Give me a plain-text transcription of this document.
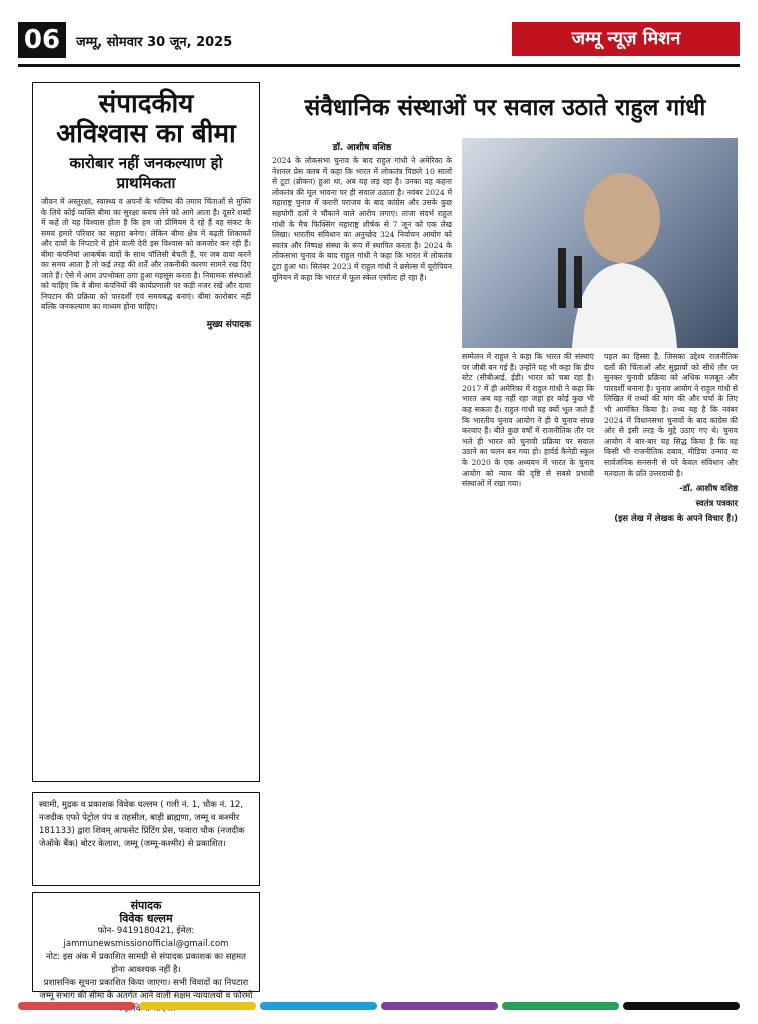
06	जम्मू, सोमवार 30 जून, 2025	जम्मू न्यूज़ मिशन
संपादकीय
अविश्वास का बीमा
कारोबार नहीं जनकल्याण हो प्राथमिकता
जीवन में अस्तुरक्षा, स्वास्थ्य व अपनों के भविष्य की तमाम चिंताओं से मुक्ति के लिये कोई व्यक्ति बीमा का सुरक्षा कवच लेने को आगे आता है। दूसरे शब्दों में कहें तो यह विश्वास होता है कि हम जो प्रीमियम दे रहे हैं वह संकट के समय हमारे परिवार का सहारा बनेगा। लेकिन बीमा क्षेत्र में बढ़ती शिकायतें और दावों के निपटारे में होने वाली देरी इस विश्वास को कमजोर कर रही हैं। बीमा कंपनियां आकर्षक वादों के साथ पॉलिसी बेचती हैं, पर जब दावा करने का समय आता है तो कई तरह की शर्तें और तकनीकी कारण सामने रख दिए जाते हैं। ऐसे में आम उपभोक्ता ठगा हुआ महसूस करता है। नियामक संस्थाओं को चाहिए कि वे बीमा कंपनियों की कार्यप्रणाली पर कड़ी नजर रखें और दावा निपटान की प्रक्रिया को पारदर्शी एवं समयबद्ध बनाएं। बीमा कारोबार नहीं बल्कि जनकल्याण का माध्यम होना चाहिए।
मुख्य संपादक
स्वामी, मुद्रक व प्रकाशक विवेक धल्लम ( गली नं. 1, चौक नं. 12, नजदीक एफो पेट्रोल पंप व तहसील, बाड़ी ब्राह्मणा, जम्मू व कश्मीर 181133) द्वारा शिवम् आफसेट प्रिंटिंग प्रेस, फवारा चौक (नजदीक जेऑके बैंक) बोटर केलाश, जम्मू (जम्मू-कश्मीर) से प्रकाशित।
संपादक
विवेक धल्लम
फोन- 9419180421, ईमेल: jammunewsmissionofficial@gmail.com
नोट: इस अंक में प्रकाशित सामग्री से संपादक प्रकाशक का सहमत होना आवश्यक नहीं है।
प्रशासनिक सूचना प्रकाशित किया जाएगा। सभी विवादों का निपटारा जम्मू संभाग की सीमा के अंतर्गत आने वाली सक्षम न्यायालयों व फोरमों
संवैधानिक संस्थाओं पर सवाल उठाते राहुल गांधी
डॉ. आशीष वशिष्ठ
2024 के लोकसभा चुनाव के बाद राहुल गांधी ने अमेरिका के नेशनल प्रेस क्लब में कहा कि भारत में लोकतंत्र पिछले 10 सालों से टूटा (ब्रोकन) हुआ था, अब यह लड़ रहा है। उनका यह कहना लोकतंत्र की मूल भावना पर ही सवाल उठाता है। नवंबर 2024 में महाराष्ट्र चुनाव में करारी पराजय के बाद कांग्रेस और उसके कुछ सहयोगी दलों ने चौंकाने वाले आरोप लगाए। ताजा संदर्भ राहुल गांधी के मैच फिक्सिंग महाराष्ट्र शीर्षक से 7 जून को एक लेख लिखा। भारतीय संविधान का अनुच्छेद 324 निर्वाचन आयोग को स्वतंत्र और निष्पक्ष संस्था के रूप में स्थापित करता है। 2024 के लोकसभा चुनाव के बाद राहुल गांधी ने कहा कि भारत में लोकतंत्र टूटा हुआ था। सितंबर 2023 में राहुल गांधी ने ब्रसेल्स में यूरोपियन यूनियन में कहा कि भारत में फूल स्केल एसॉल्ट हो रहा है।
सम्मेलन में राहुल ने कहा कि भारत की संस्थाएं पर जीबी बन गई हैं। उन्होंने यह भी कहा कि डीप स्टेट (सीबीआई, ईडी) भारत को चबा रहा है। 2017 में ही अमेरिका में राहुल गांधी ने कहा कि भारत अब वह नहीं रहा जहां हर कोई कुछ भी कह सकता है। राहुल गांधी यह क्यों भूल जाते हैं कि भारतीय चुनाव आयोग ने ही ये चुनाव संपन्न करवाए हैं। बीते कुछ वर्षों में राजनीतिक तौर पर भले ही भारत को चुनावी प्रक्रिया पर सवाल उठाने का चलन बन गया हो। हार्वर्ड कैनेडी स्कूल के 2020 के एक अध्ययन में भारत के चुनाव आयोग को न्याय की दृष्टि से सबसे प्रभावी संस्थाओं में रखा गया।
पहल का हिस्सा है, जिसका उद्देश्य राजनीतिक दलों की चिंताओं और सुझावों को सीधे तौर पर सुनकर चुनावी प्रक्रिया को अधिक मजबूत और पारदर्शी बनाना है। चुनाव आयोग ने राहुल गांधी से लिखित में तथ्यों की मांग की और चर्चा के लिए भी आमंत्रित किया है। तथ्य यह है कि नवंबर 2024 में विधानसभा चुनावों के बाद कांग्रेस की ओर से इसी तरह के मुद्दे उठाए गए थे। चुनाव आयोग ने बार-बार यह सिद्ध किया है कि वह किसी भी राजनीतिक दबाव, मीडिया उन्माद या सार्वजनिक सनसनी से परे केवल संविधान और मतदाता के प्रति उत्तरदायी है।
-डॉ. आशीष वशिष्ठ
स्वतंत्र पत्रकार
(इस लेख में लेखक के अपने विचार हैं।)
